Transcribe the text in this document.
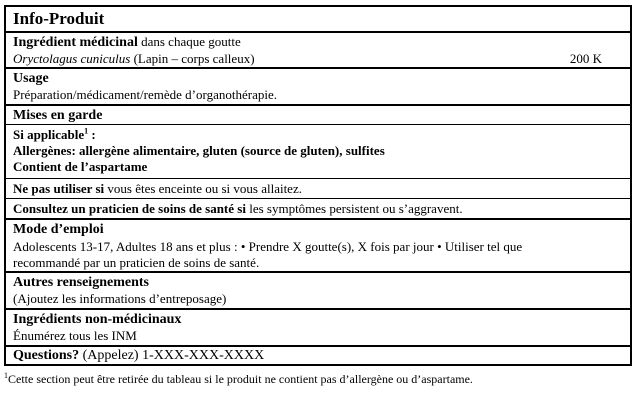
Info-Produit
Ingrédient médicinal dans chaque goutte
Oryctolagus cuniculus (Lapin – corps calleux)	200 K
Usage
Préparation/médicament/remède d’organothérapie.
Mises en garde
Si applicable$^1$ :
Allergènes: allergène alimentaire, gluten (source de gluten), sulfites
Contient de l’aspartame
Ne pas utiliser si vous êtes enceinte ou si vous allaitez.
Consultez un praticien de soins de santé si les symptômes persistent ou s’aggravent.
Mode d’emploi
Adolescents 13-17, Adultes 18 ans et plus : • Prendre X goutte(s), X fois par jour • Utiliser tel que
recommandé par un praticien de soins de santé.
Autres renseignements
(Ajoutez les informations d’entreposage)
Ingrédients non-médicinaux
Énumérez tous les INM
Questions? (Appelez) 1-XXX-XXX-XXXX
$^1$Cette section peut être retirée du tableau si le produit ne contient pas d’allergène ou d’aspartame.
